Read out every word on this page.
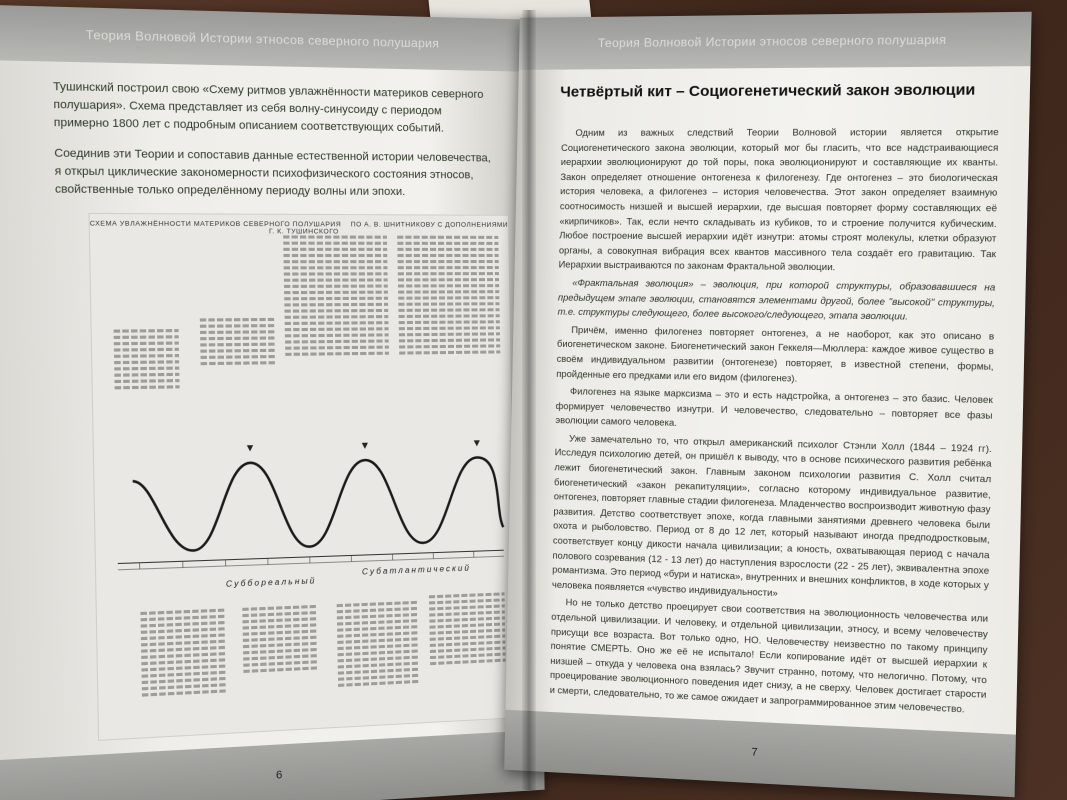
Теория Волновой Истории этносов северного полушария

Тушинский построил свою «Схему ритмов увлажнённости материков северного полушария». Схема представляет из себя волну-синусоиду с периодом примерно 1800 лет с подробным описанием соответствующих событий.

Соединив эти Теории и сопоставив данные естественной истории человечества, я открыл циклические закономерности психофизического состояния этносов, свойственные только определённому периоду волны или эпохи.

СХЕМА УВЛАЖНЁННОСТИ МАТЕРИКОВ СЕВЕРНОГО ПОЛУШАРИЯ ПО А. В. ШНИТНИКОВУ С ДОПОЛНЕНИЯМИ Г. К. ТУШИНСКОГО
Суббореальный
Субатлантический
6
Теория Волновой Истории этносов северного полушария
Четвёртый кит – Социогенетический закон эволюции

Одним из важных следствий Теории Волновой истории является открытие Социогенетического закона эволюции, который мог бы гласить, что все надстраивающиеся иерархии эволюционируют до той поры, пока эволюционируют и составляющие их кванты. Закон определяет отношение онтогенеза к филогенезу. Где онтогенез – это биологическая история человека, а филогенез – история человечества. Этот закон определяет взаимную соотносимость низшей и высшей иерархии, где высшая повторяет форму составляющих её «кирпичиков». Так, если нечто складывать из кубиков, то и строение получится кубическим. Любое построение высшей иерархии идёт изнутри: атомы строят молекулы, клетки образуют органы, а совокупная вибрация всех квантов массивного тела создаёт его гравитацию. Так Иерархии выстраиваются по законам Фрактальной эволюции.

«Фрактальная эволюция» – эволюция, при которой структуры, образовавшиеся на предыдущем этапе эволюции, становятся элементами другой, более "высокой" структуры, т.е. структуры следующего, более высокого/следующего, этапа эволюции.

Причём, именно филогенез повторяет онтогенез, а не наоборот, как это описано в биогенетическом законе. Биогенетический закон Геккеля—Мюллера: каждое живое существо в своём индивидуальном развитии (онтогенезе) повторяет, в известной степени, формы, пройденные его предками или его видом (филогенез).

Филогенез на языке марксизма – это и есть надстройка, а онтогенез – это базис. Человек формирует человечество изнутри. И человечество, следовательно – повторяет все фазы эволюции самого человека.

Уже замечательно то, что открыл американский психолог Стэнли Холл (1844 – 1924 гг). Исследуя психологию детей, он пришёл к выводу, что в основе психического развития ребёнка лежит биогенетический закон. Главным законом психологии развития С. Холл считал биогенетический «закон рекапитуляции», согласно которому индивидуальное развитие, онтогенез, повторяет главные стадии филогенеза. Младенчество воспроизводит животную фазу развития. Детство соответствует эпохе, когда главными занятиями древнего человека были охота и рыболовство. Период от 8 до 12 лет, который называют иногда предподростковым, соответствует концу дикости начала цивилизации; а юность, охватывающая период с начала полового созревания (12 - 13 лет) до наступления взрослости (22 - 25 лет), эквивалентна эпохе романтизма. Это период «бури и натиска», внутренних и внешних конфликтов, в ходе которых у человека появляется «чувство индивидуальности»

Но не только детство проецирует свои соответствия на эволюционность человечества или отдельной цивилизации. И человеку, и отдельной цивилизации, этносу, и всему человечеству присущи все возраста. Вот только одно, НО. Человечеству неизвестно по такому принципу понятие СМЕРТЬ. Оно же её не испытало! Если копирование идёт от высшей иерархии к низшей – откуда у человека она взялась? Звучит странно, потому, что нелогично. Потому, что проецирование эволюционного поведения идет снизу, а не сверху. Человек достигает старости и смерти, следовательно, то же самое ожидает и запрограммированное этим человечество.

7
